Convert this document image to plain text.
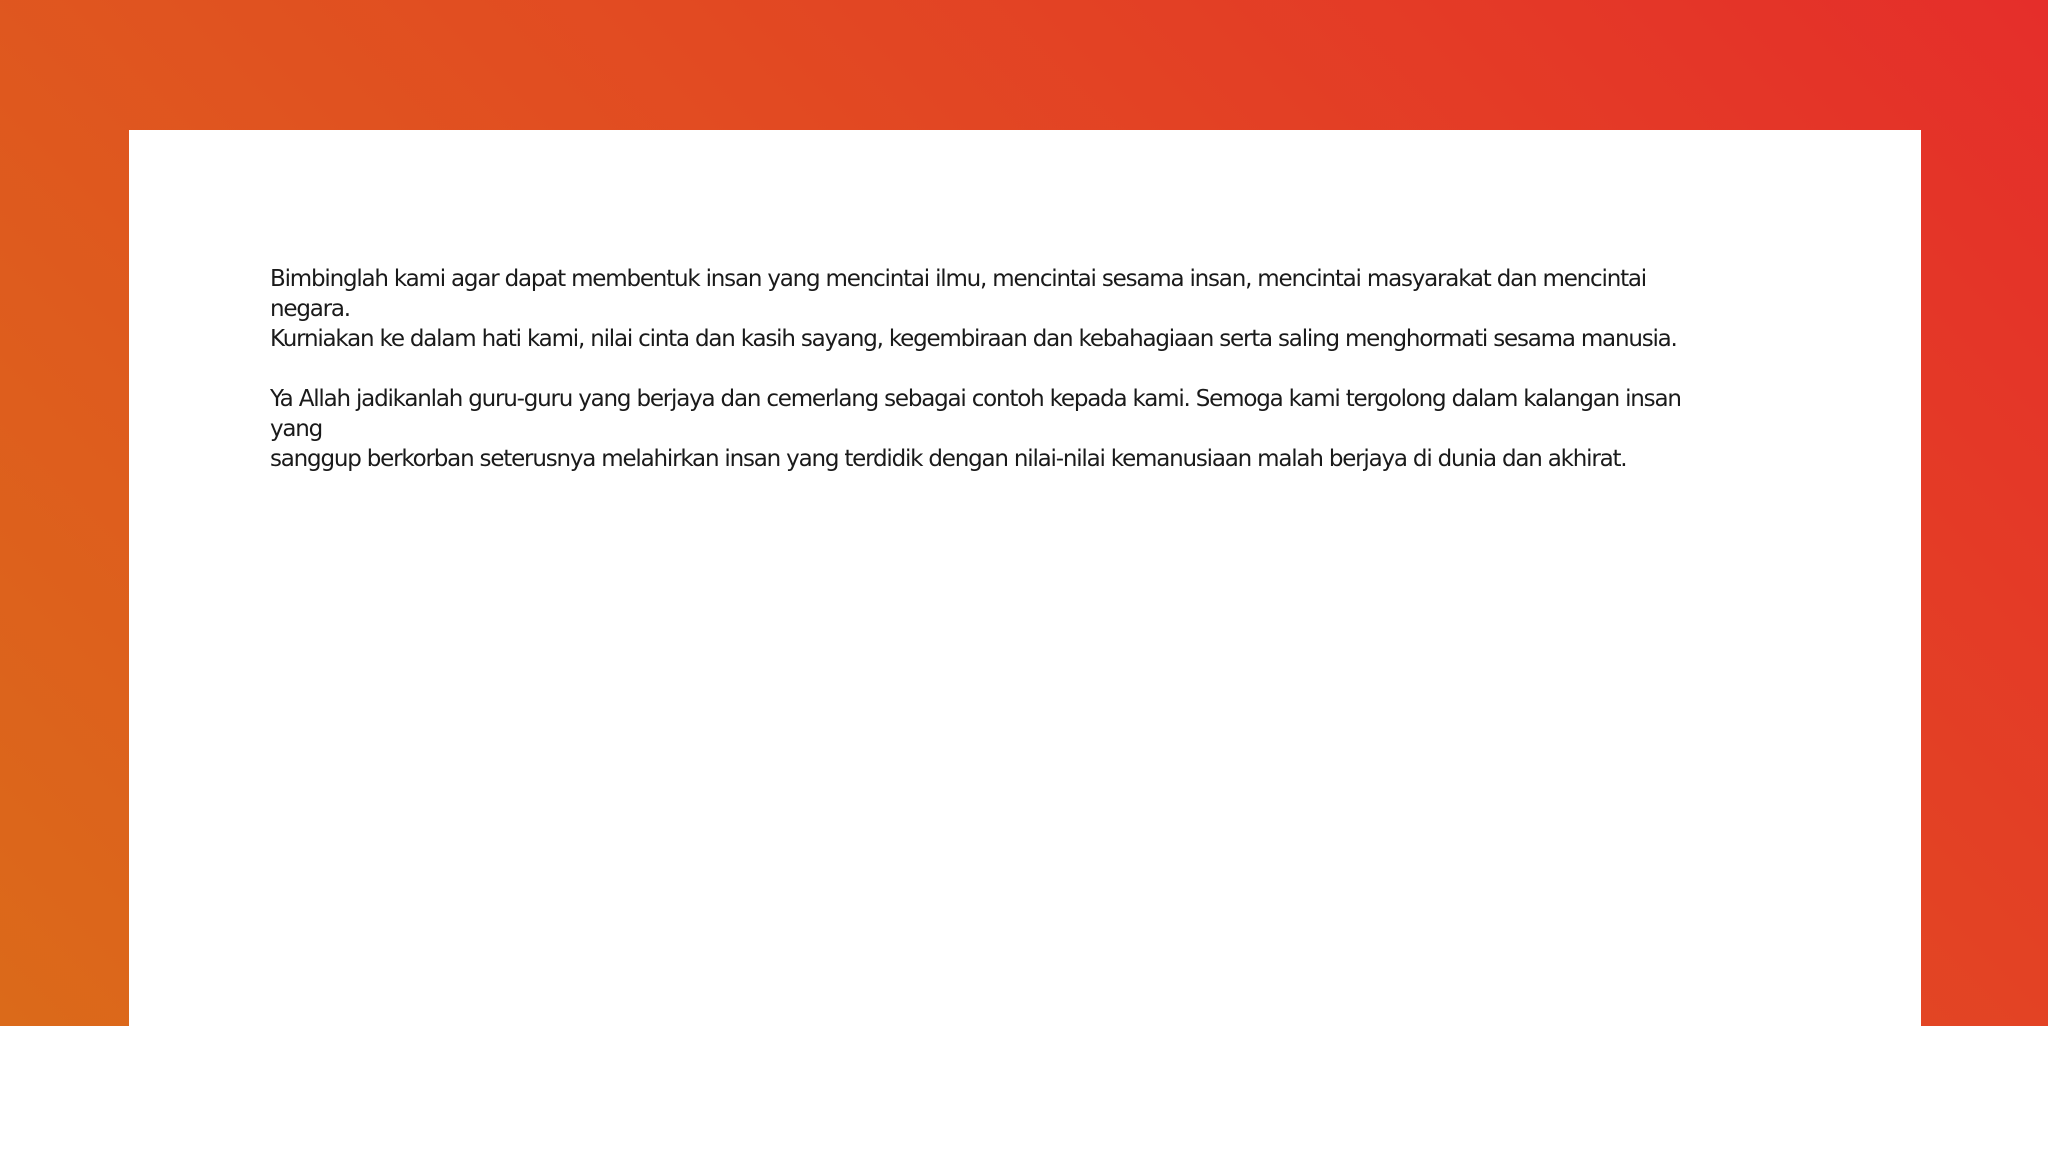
Bimbinglah kami agar dapat membentuk insan yang mencintai ilmu, mencintai sesama insan, mencintai masyarakat dan mencintai negara.
Kurniakan ke dalam hati kami, nilai cinta dan kasih sayang, kegembiraan dan kebahagiaan serta saling menghormati sesama manusia.

Ya Allah jadikanlah guru-guru yang berjaya dan cemerlang sebagai contoh kepada kami. Semoga kami tergolong dalam kalangan insan yang
sanggup berkorban seterusnya melahirkan insan yang terdidik dengan nilai-nilai kemanusiaan malah berjaya di dunia dan akhirat.
